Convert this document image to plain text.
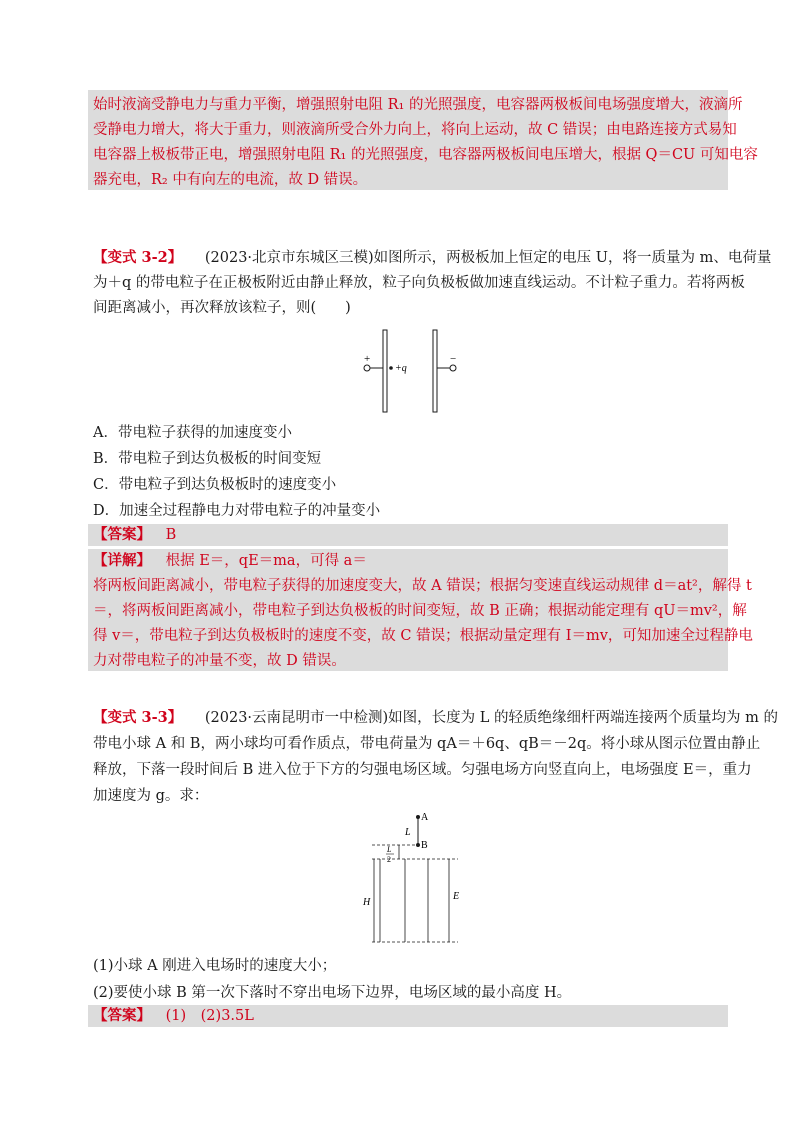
始时液滴受静电力与重力平衡，增强照射电阻 R₁ 的光照强度，电容器两极板间电场强度增大，液滴所
受静电力增大，将大于重力，则液滴所受合外力向上，将向上运动，故 C 错误；由电路连接方式易知
电容器上极板带正电，增强照射电阻 R₁ 的光照强度，电容器两极板间电压增大，根据 Q＝CU 可知电容
器充电，R₂ 中有向左的电流，故 D 错误。
【变式 3-2】 (2023·北京市东城区三模)如图所示，两极板加上恒定的电压 U，将一质量为 m、电荷量
为＋q 的带电粒子在正极板附近由静止释放，粒子向负极板做加速直线运动。不计粒子重力。若将两板
间距离减小，再次释放该粒子，则(　　)
+	−
+q
A．带电粒子获得的加速度变小
B．带电粒子到达负极板的时间变短
C．带电粒子到达负极板时的速度变小
D．加速全过程静电力对带电粒子的冲量变小
【答案】 B
【详解】 根据 E＝，qE＝ma，可得 a＝
将两板间距离减小，带电粒子获得的加速度变大，故 A 错误；根据匀变速直线运动规律 d＝at²，解得 t
＝，将两板间距离减小，带电粒子到达负极板的时间变短，故 B 正确；根据动能定理有 qU＝mv²，解
得 v＝，带电粒子到达负极板时的速度不变，故 C 错误；根据动量定理有 I＝mv，可知加速全过程静电
力对带电粒子的冲量不变，故 D 错误。
【变式 3-3】 (2023·云南昆明市一中检测)如图，长度为 L 的轻质绝缘细杆两端连接两个质量均为 m 的
带电小球 A 和 B，两小球均可看作质点，带电荷量为 qA＝＋6q、qB＝－2q。将小球从图示位置由静止
释放，下落一段时间后 B 进入位于下方的匀强电场区域。匀强电场方向竖直向上，电场强度 E＝，重力
加速度为 g。求：
A
B
L
L
2
H
E
(1)小球 A 刚进入电场时的速度大小；
(2)要使小球 B 第一次下落时不穿出电场下边界，电场区域的最小高度 H。
【答案】 (1)　(2)3.5L
